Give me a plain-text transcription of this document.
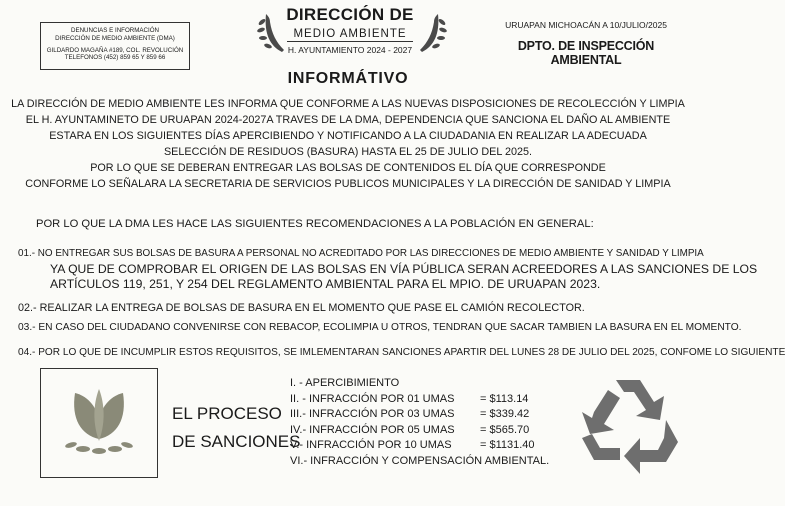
DENUNCIAS E INFORMACIÓN
DIRECCIÓN DE MEDIO AMBIENTE (DMA)
GILDARDO MAGAÑA #189, COL. REVOLUCIÓN
TELEFONOS (452) 859 65 Y 859 66
DIRECCIÓN DE
MEDIO AMBIENTE
H. AYUNTAMIENTO 2024 - 2027
URUAPAN MICHOACÁN A 10/JULIO/2025
DPTO. DE INSPECCIÓN AMBIENTAL
INFORMÁTIVO
LA DIRECCIÓN DE MEDIO AMBIENTE LES INFORMA QUE CONFORME A LAS NUEVAS DISPOSICIONES DE RECOLECCIÓN Y LIMPIA
EL H. AYUNTAMINETO DE URUAPAN 2024-2027A TRAVES DE LA DMA, DEPENDENCIA QUE SANCIONA EL DAÑO AL AMBIENTE
ESTARA EN LOS SIGUIENTES DÍAS APERCIBIENDO Y NOTIFICANDO A LA CIUDADANIA EN REALIZAR LA ADECUADA
SELECCIÓN DE RESIDUOS (BASURA) HASTA EL 25 DE JULIO DEL 2025.
POR LO QUE SE DEBERAN ENTREGAR LAS BOLSAS DE CONTENIDOS EL DÍA QUE CORRESPONDE
CONFORME LO SEÑALARA LA SECRETARIA DE SERVICIOS PUBLICOS MUNICIPALES Y LA DIRECCIÓN DE SANIDAD Y LIMPIA
POR LO QUE LA DMA LES HACE LAS SIGUIENTES RECOMENDACIONES A LA POBLACIÓN EN GENERAL:
01.- NO ENTREGAR SUS BOLSAS DE BASURA A PERSONAL NO ACREDITADO POR LAS DIRECCIONES DE MEDIO AMBIENTE Y SANIDAD Y LIMPIA
YA QUE DE COMPROBAR EL ORIGEN DE LAS BOLSAS EN VÍA PÚBLICA SERAN ACREEDORES A LAS SANCIONES DE LOS
ARTÍCULOS 119, 251, Y 254 DEL REGLAMENTO AMBIENTAL PARA EL MPIO. DE URUAPAN 2023.
02.- REALIZAR LA ENTREGA DE BOLSAS DE BASURA EN EL MOMENTO QUE PASE EL CAMIÓN RECOLECTOR.
03.- EN CASO DEL CIUDADANO CONVENIRSE CON REBACOP, ECOLIMPIA U OTROS, TENDRAN QUE SACAR TAMBIEN LA BASURA EN EL MOMENTO.
04.- POR LO QUE DE INCUMPLIR ESTOS REQUISITOS, SE IMLEMENTARAN SANCIONES APARTIR DEL LUNES 28 DE JULIO DEL 2025, CONFOME LO SIGUIENTE
EL PROCESO
DE SANCIONES
I. - APERCIBIMIENTO
II. - INFRACCIÓN POR 01 UMAS = $113.14
III.- INFRACCIÓN POR 03 UMAS = $339.42
IV.- INFRACCIÓN POR 05 UMAS = $565.70
V.- INFRACCIÓN POR 10 UMAS	= $1131.40
VI.- INFRACCIÓN Y COMPENSACIÓN AMBIENTAL.
